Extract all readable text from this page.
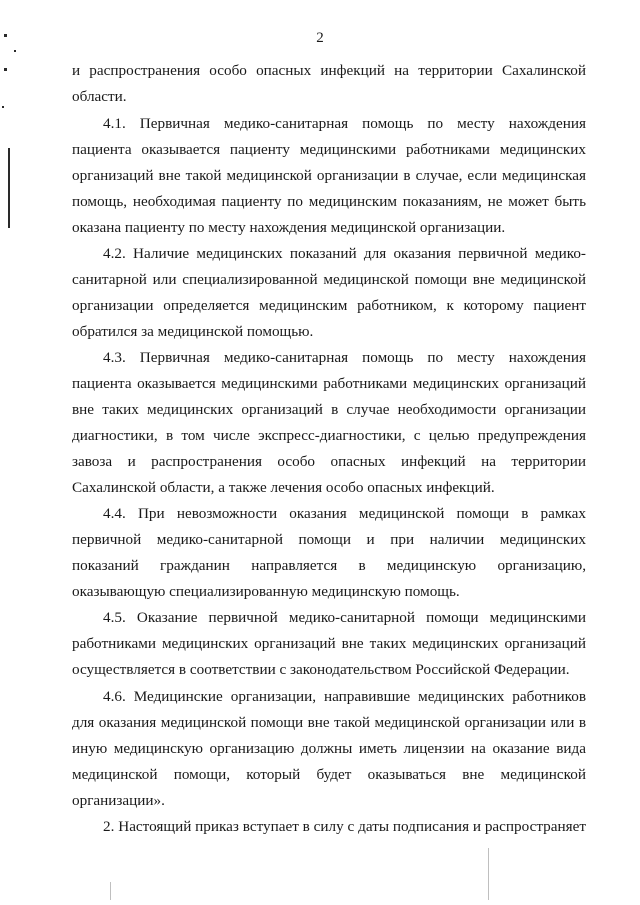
2
и распространения особо опасных инфекций на территории Сахалинской
области.
4.1. Первичная медико-санитарная помощь по месту нахождения
пациента оказывается пациенту медицинскими работниками медицинских
организаций вне такой медицинской организации в случае, если медицинская
помощь, необходимая пациенту по медицинским показаниям, не может быть
оказана пациенту по месту нахождения медицинской организации.
4.2. Наличие медицинских показаний для оказания первичной медико-
санитарной или специализированной медицинской помощи вне медицинской
организации определяется медицинским работником, к которому пациент
обратился за медицинской помощью.
4.3. Первичная медико-санитарная помощь по месту нахождения
пациента оказывается медицинскими работниками медицинских организаций
вне таких медицинских организаций в случае необходимости организации
диагностики, в том числе экспресс-диагностики, с целью предупреждения
завоза и распространения особо опасных инфекций на территории
Сахалинской области, а также лечения особо опасных инфекций.
4.4. При невозможности оказания медицинской помощи в рамках
первичной медико-санитарной помощи и при наличии медицинских
показаний гражданин направляется в медицинскую организацию,
оказывающую специализированную медицинскую помощь.
4.5. Оказание первичной медико-санитарной помощи медицинскими
работниками медицинских организаций вне таких медицинских организаций
осуществляется в соответствии с законодательством Российской Федерации.
4.6. Медицинские организации, направившие медицинских работников
для оказания медицинской помощи вне такой медицинской организации или в
иную медицинскую организацию должны иметь лицензии на оказание вида
медицинской помощи, который будет оказываться вне медицинской
организации».
2. Настоящий приказ вступает в силу с даты подписания и распространяет
